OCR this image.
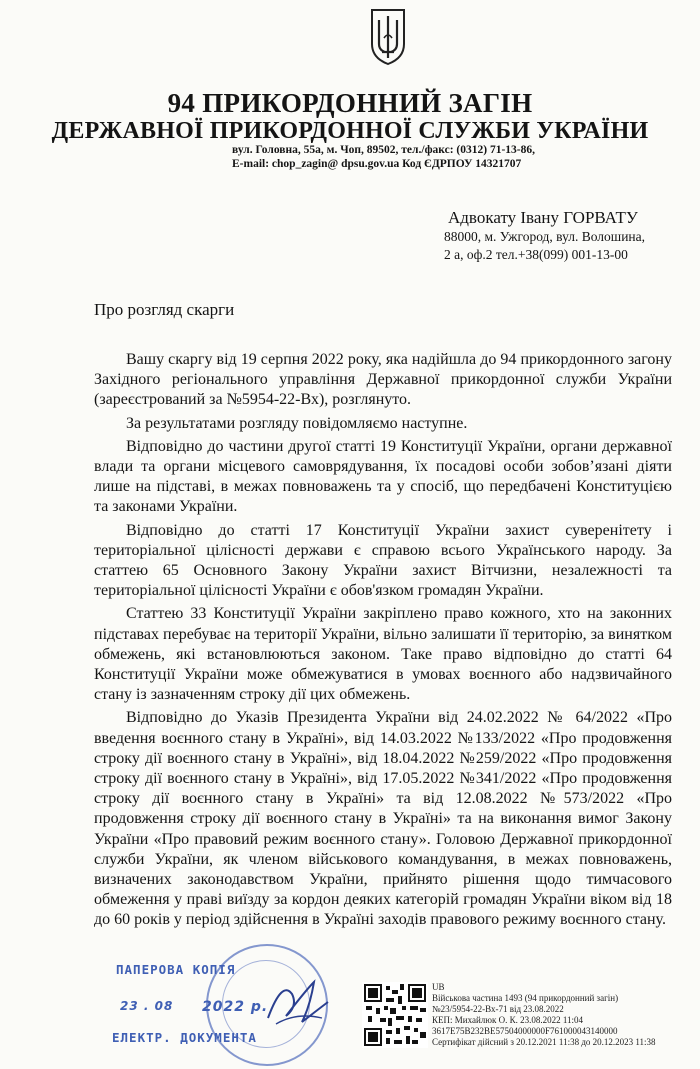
94 ПРИКОРДОННИЙ ЗАГІН
ДЕРЖАВНОЇ ПРИКОРДОННОЇ СЛУЖБИ УКРАЇНИ
вул. Головна, 55а, м. Чоп, 89502, тел./факс: (0312) 71-13-86,
E-mail: chop_zagin@ dpsu.gov.ua Код ЄДРПОУ 14321707
Адвокату Івану ГОРВАТУ
88000, м. Ужгород, вул. Волошина,
2 а, оф.2 тел.+38(099) 001-13-00
Про розгляд скарги

Вашу скаргу від 19 серпня 2022 року, яка надійшла до 94 прикордонного загону Західного регіонального управління Державної прикордонної служби України (зареєстрований за №5954-22-Вх), розглянуто.

За результатами розгляду повідомляємо наступне.

Відповідно до частини другої статті 19 Конституції України, органи державної влади та органи місцевого самоврядування, їх посадові особи зобов’язані діяти лише на підставі, в межах повноважень та у спосіб, що передбачені Конституцією та законами України.

Відповідно до статті 17 Конституції України захист суверенітету і територіальної цілісності держави є справою всього Українського народу. За статтею 65 Основного Закону України захист Вітчизни, незалежності та територіальної цілісності України є обов'язком громадян України.

Статтею 33 Конституції України закріплено право кожного, хто на законних підставах перебуває на території України, вільно залишати її територію, за винятком обмежень, які встановлюються законом. Таке право відповідно до статті 64 Конституції України може обмежуватися в умовах воєнного або надзвичайного стану із зазначенням строку дії цих обмежень.

Відповідно до Указів Президента України від 24.02.2022 № 64/2022 «Про введення воєнного стану в Україні», від 14.03.2022 №133/2022 «Про продовження строку дії воєнного стану в Україні», від 18.04.2022 №259/2022 «Про продовження строку дії воєнного стану в Україні», від 17.05.2022 №341/2022 «Про продовження строку дії воєнного стану в Україні» та від 12.08.2022 №573/2022 «Про продовження строку дії воєнного стану в Україні» та на виконання вимог Закону України «Про правовий режим воєнного стану». Головою Державної прикордонної служби України, як членом військового командування, в межах повноважень, визначених законодавством України, прийнято рішення щодо тимчасового обмеження у праві виїзду за кордон деяких категорій громадян України віком від 18 до 60 років у період здійснення в Україні заходів правового режиму воєнного стану.

ПАПЕРОВА КОПІЯ
23 . 08 2022 р.
ЕЛЕКТР. ДОКУМЕНТА
UB
Військова частина 1493 (94 прикордонний загін)
№23/5954-22-Вх-71 від 23.08.2022
КЕП: Михайлюк О. К. 23.08.2022 11:04
3617E75B232BE57504000000F761000043140000
Сертифікат дійсний з 20.12.2021 11:38 до 20.12.2023 11:38
